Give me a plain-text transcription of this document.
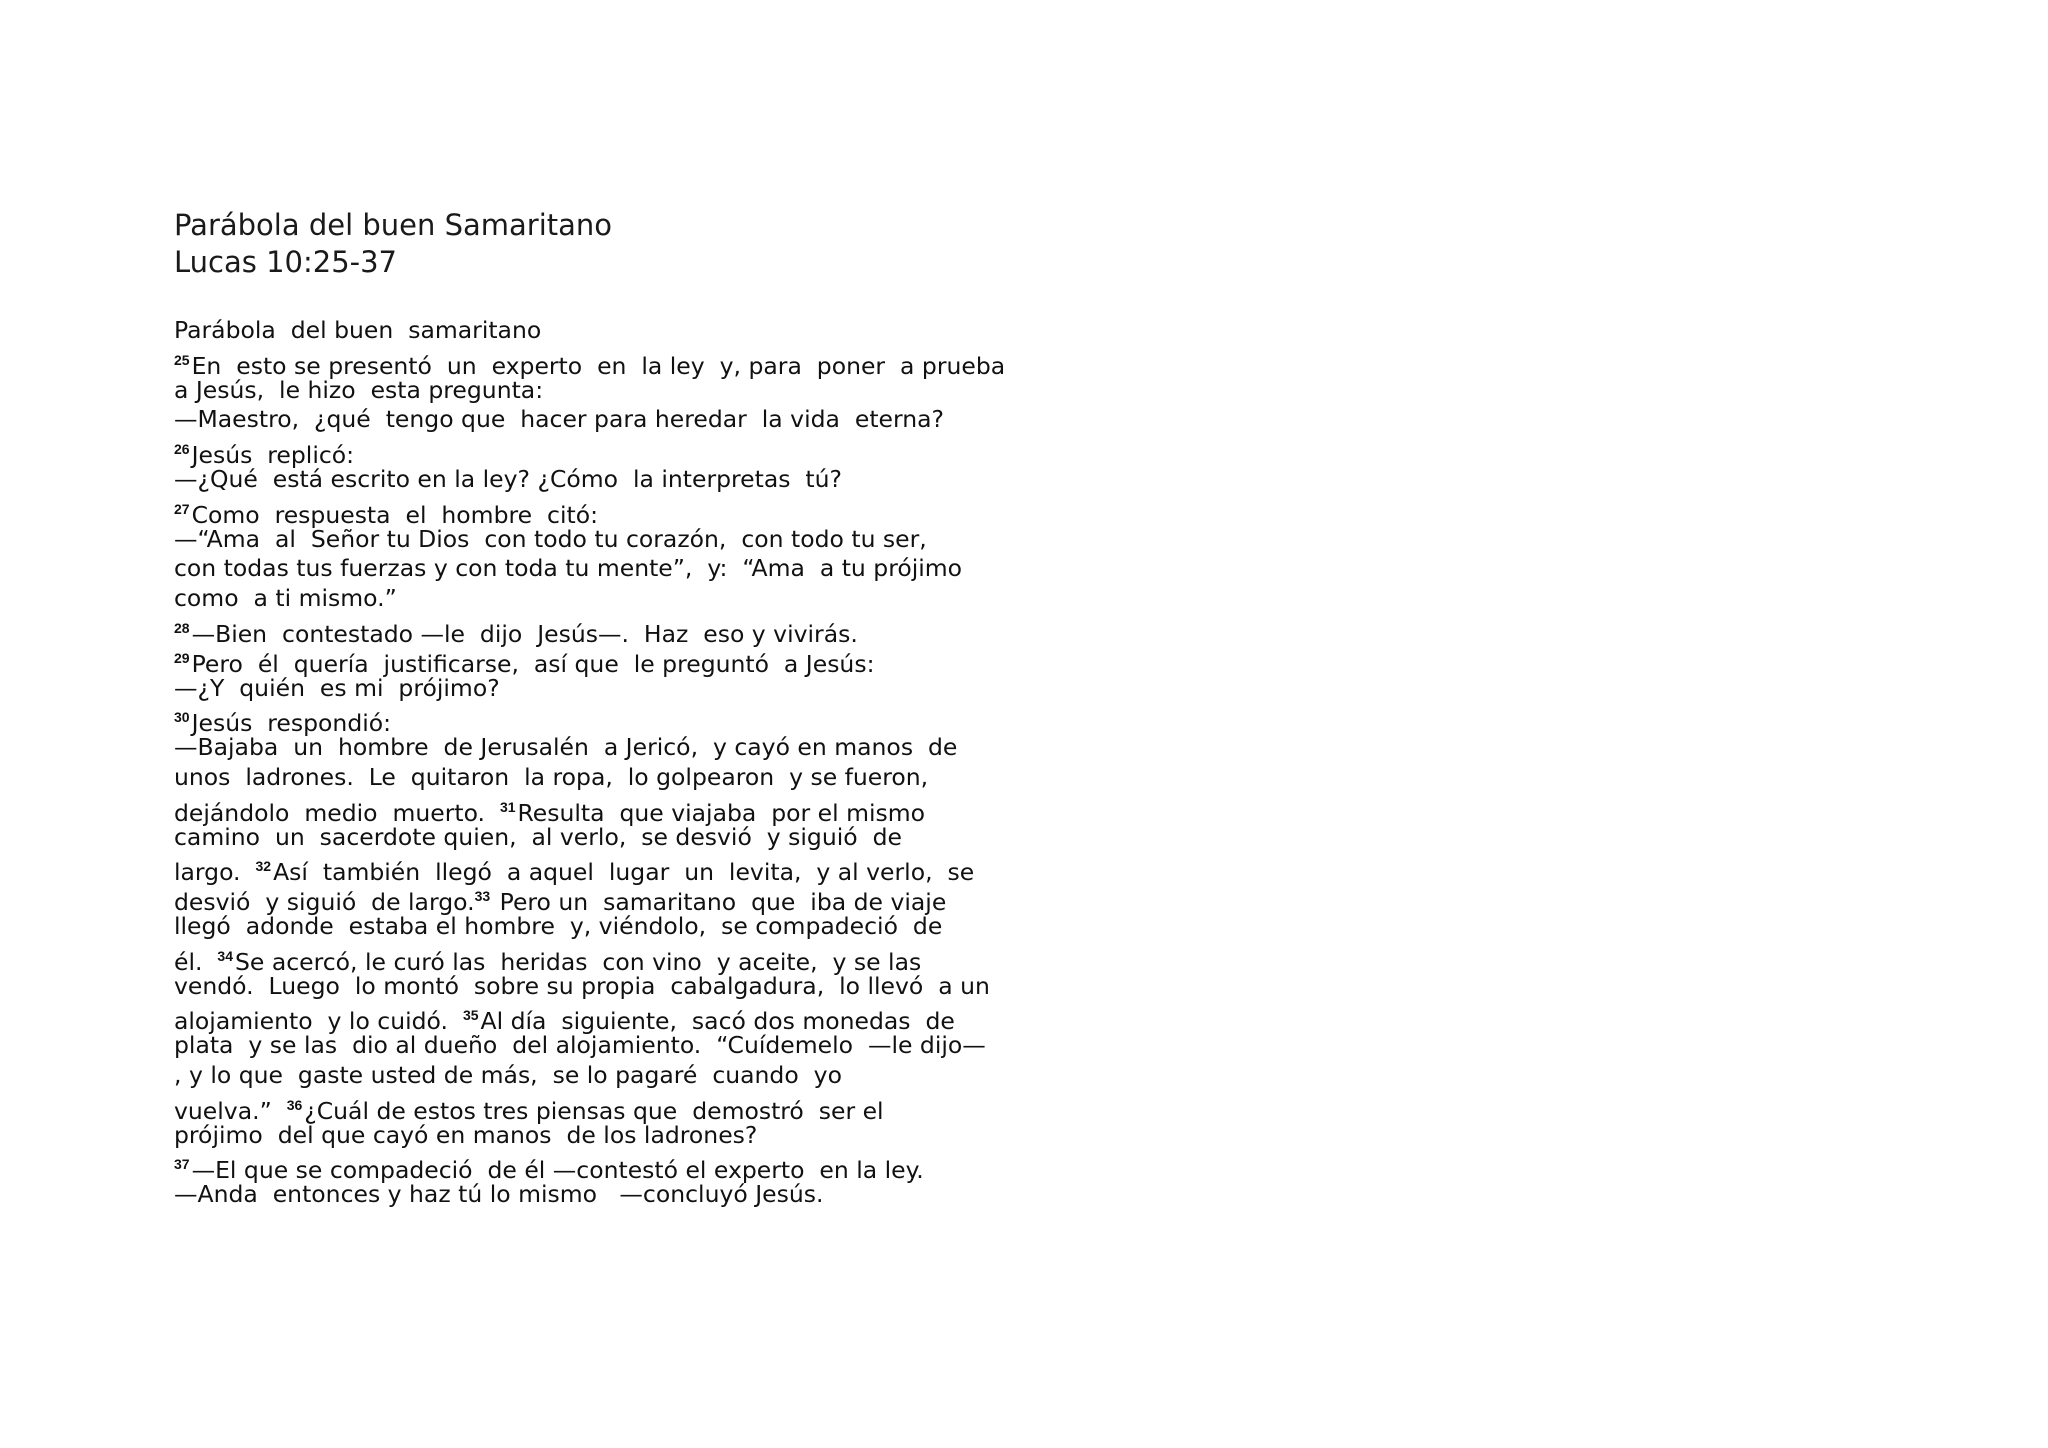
Parábola del buen Samaritano
Lucas 10:25-37
Parábola  del buen  samaritano
$^{25}$En  esto se presentó  un  experto  en  la ley  y, para  poner  a prueba
a Jesús,  le hizo  esta pregunta:
—Maestro,  ¿qué  tengo que  hacer para heredar  la vida  eterna?
$^{26}$Jesús  replicó:
—¿Qué  está escrito en la ley? ¿Cómo  la interpretas  tú?
$^{27}$Como  respuesta  el  hombre  citó:
—“Ama  al  Señor tu Dios  con todo tu corazón,  con todo tu ser,
con todas tus fuerzas y con toda tu mente”,  y:  “Ama  a tu prójimo
como  a ti mismo.”
$^{28}$—Bien  contestado —le  dijo  Jesús—.  Haz  eso y vivirás.
$^{29}$Pero  él  quería  justificarse,  así que  le preguntó  a Jesús:
—¿Y  quién  es mi  prójimo?
$^{30}$Jesús  respondió:
—Bajaba  un  hombre  de Jerusalén  a Jericó,  y cayó en manos  de
unos  ladrones.  Le  quitaron  la ropa,  lo golpearon  y se fueron,
dejándolo  medio  muerto.  $^{31}$Resulta  que viajaba  por el mismo
camino  un  sacerdote quien,  al verlo,  se desvió  y siguió  de
largo.  $^{32}$Así  también  llegó  a aquel  lugar  un  levita,  y al verlo,  se
desvió  y siguió  de largo.$^{33}$ Pero un  samaritano  que  iba de viaje
llegó  adonde  estaba el hombre  y, viéndolo,  se compadeció  de
él.  $^{34}$Se acercó, le curó las  heridas  con vino  y aceite,  y se las
vendó.  Luego  lo montó  sobre su propia  cabalgadura,  lo llevó  a un
alojamiento  y lo cuidó.  $^{35}$Al día  siguiente,  sacó dos monedas  de
plata  y se las  dio al dueño  del alojamiento.  “Cuídemelo  —le dijo—
, y lo que  gaste usted de más,  se lo pagaré  cuando  yo
vuelva.”  $^{36}$¿Cuál de estos tres piensas que  demostró  ser el
prójimo  del que cayó en manos  de los ladrones?
$^{37}$—El que se compadeció  de él —contestó el experto  en la ley.
—Anda  entonces y haz tú lo mismo   —concluyó Jesús.
